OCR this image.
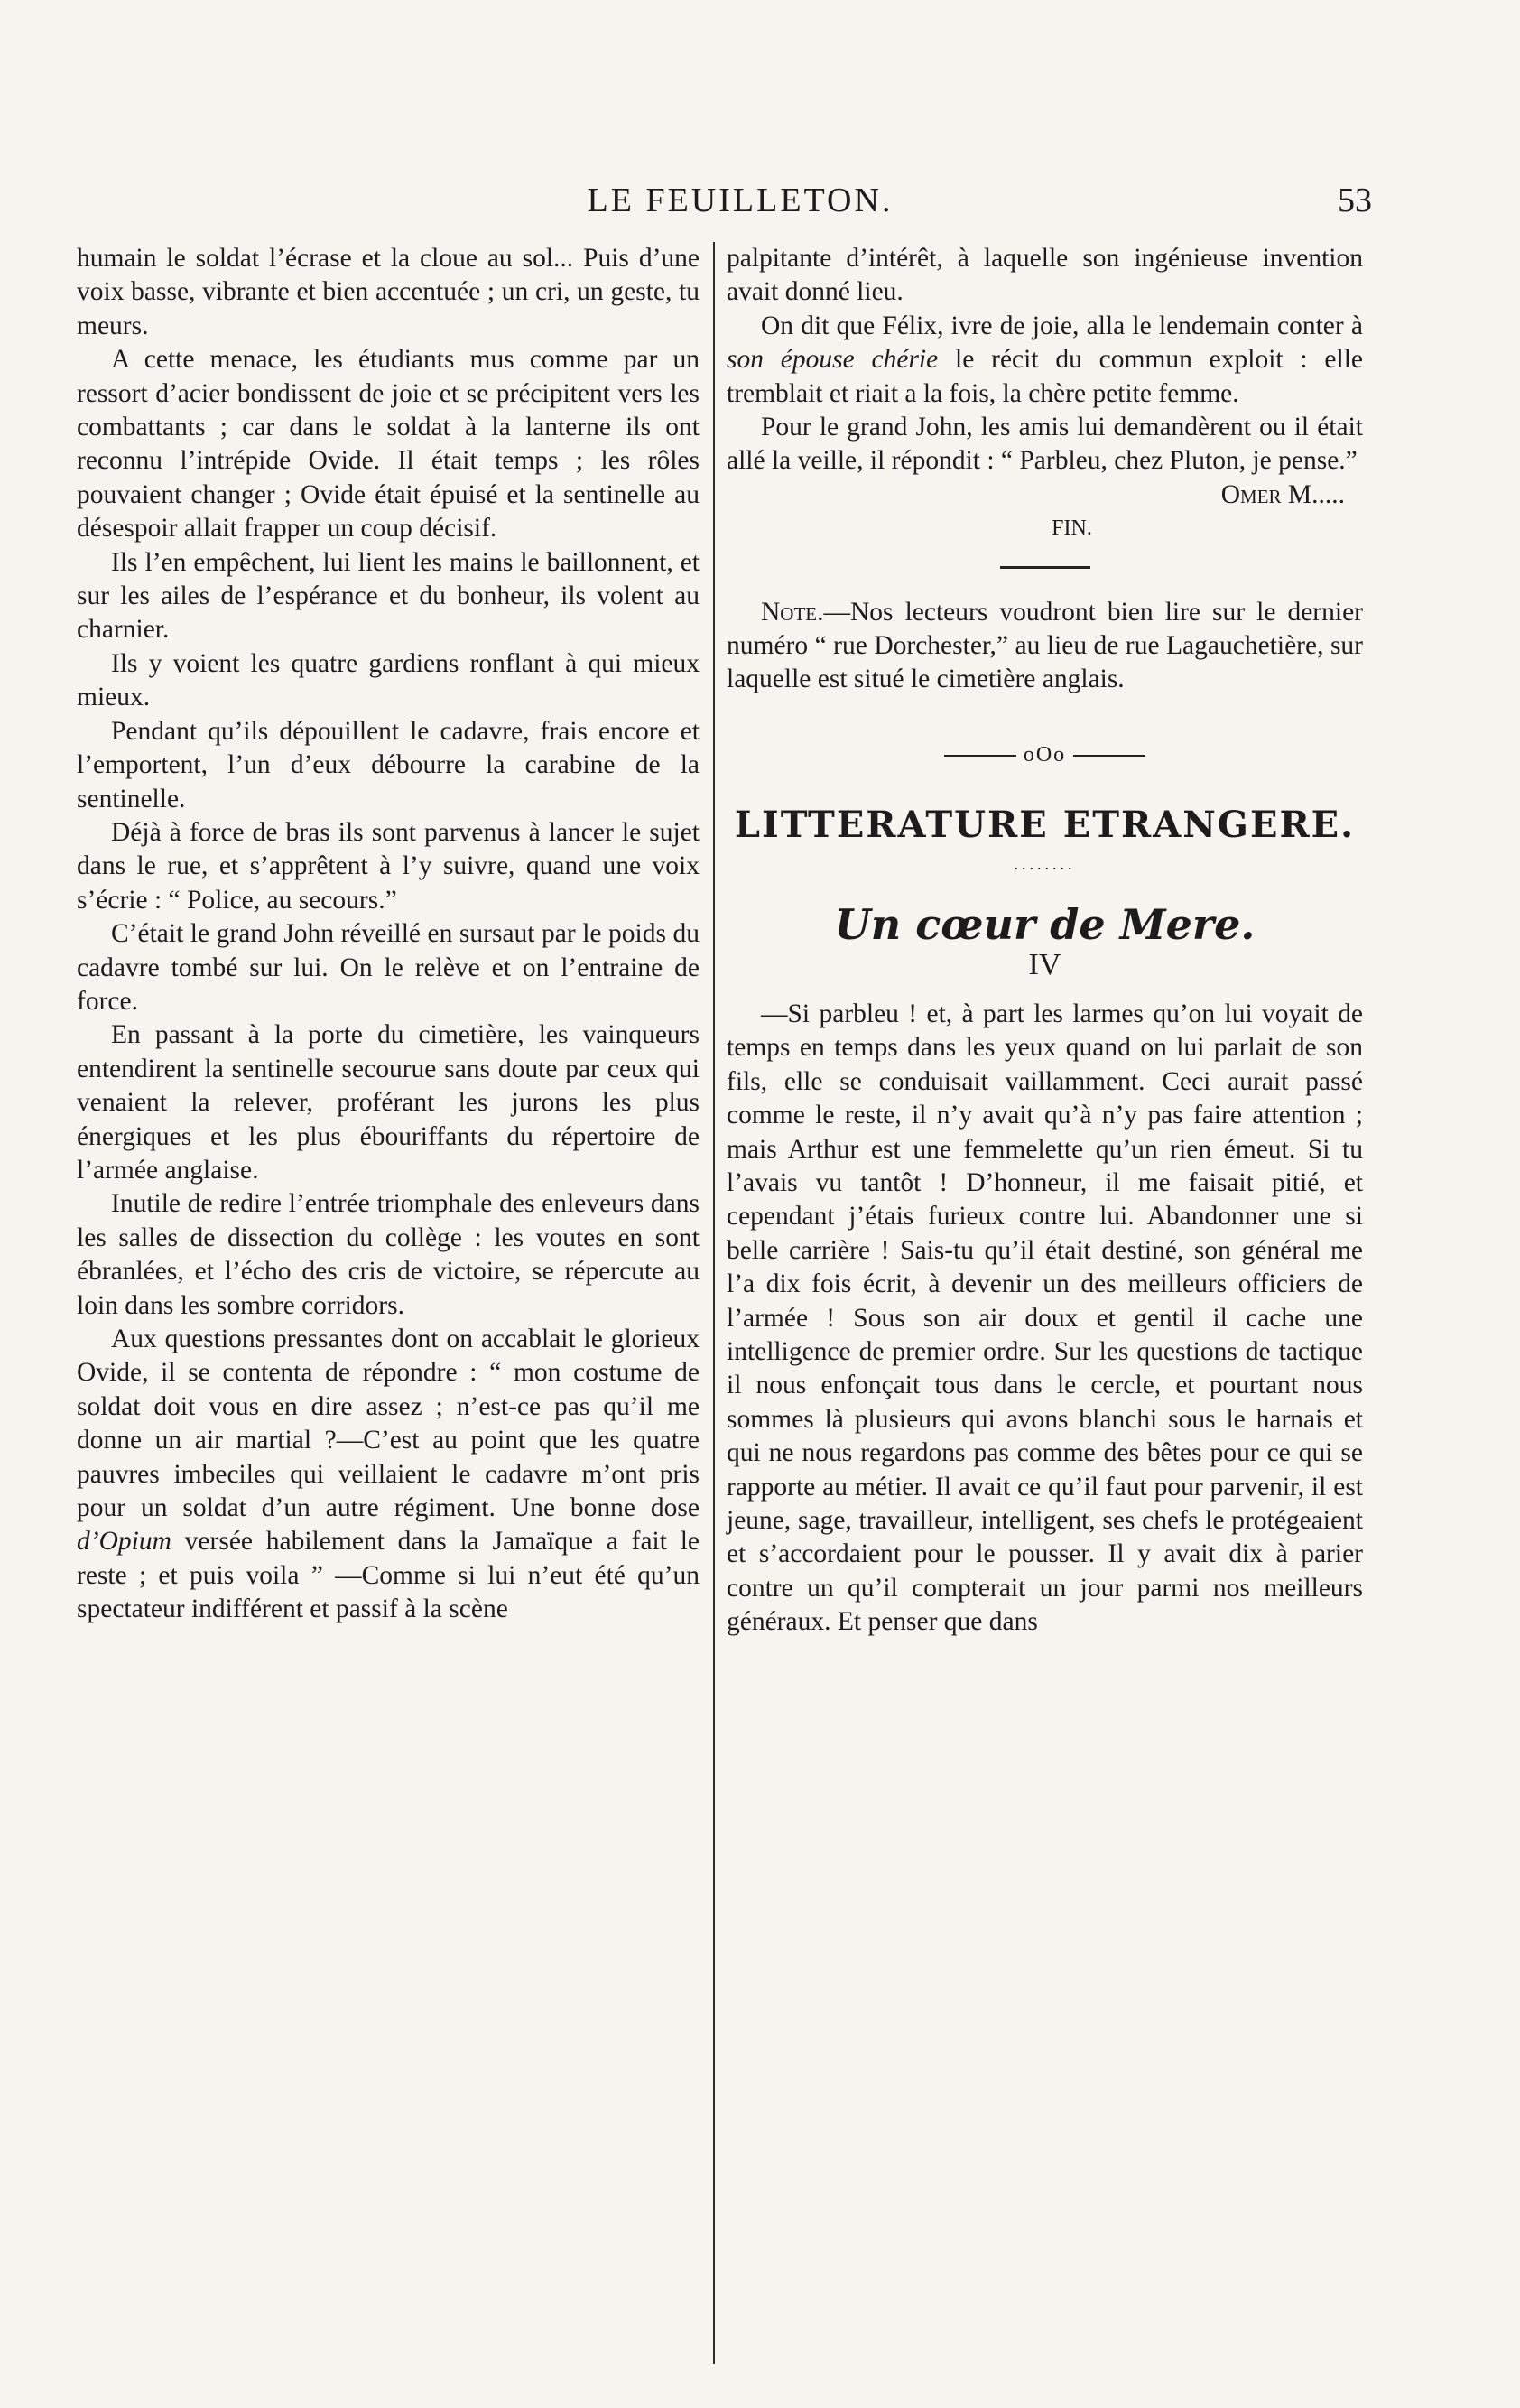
LE FEUILLETON.	53

humain le soldat l’écrase et la cloue au sol... Puis d’une voix basse, vibrante et bien accentuée ; un cri, un geste, tu meurs.

A cette menace, les étudiants mus comme par un ressort d’acier bondissent de joie et se précipitent vers les combattants ; car dans le soldat à la lanterne ils ont reconnu l’intrépide Ovide. Il était temps ; les rôles pouvaient changer ; Ovide était épuisé et la sentinelle au désespoir allait frapper un coup décisif.

Ils l’en empêchent, lui lient les mains le baillonnent, et sur les ailes de l’espérance et du bonheur, ils volent au charnier.

Ils y voient les quatre gardiens ronflant à qui mieux mieux.

Pendant qu’ils dépouillent le cadavre, frais encore et l’emportent, l’un d’eux débourre la carabine de la sentinelle.

Déjà à force de bras ils sont parvenus à lancer le sujet dans le rue, et s’apprêtent à l’y suivre, quand une voix s’écrie : “ Police, au secours.”

C’était le grand John réveillé en sursaut par le poids du cadavre tombé sur lui. On le relève et on l’entraine de force.

En passant à la porte du cimetière, les vainqueurs entendirent la sentinelle secourue sans doute par ceux qui venaient la relever, proférant les jurons les plus énergiques et les plus ébouriffants du répertoire de l’armée anglaise.

Inutile de redire l’entrée triomphale des enleveurs dans les salles de dissection du collège : les voutes en sont ébranlées, et l’écho des cris de victoire, se répercute au loin dans les sombre corridors.

Aux questions pressantes dont on accablait le glorieux Ovide, il se contenta de répondre : “ mon costume de soldat doit vous en dire assez ; n’est-ce pas qu’il me donne un air martial ?—C’est au point que les quatre pauvres imbeciles qui veillaient le cadavre m’ont pris pour un soldat d’un autre régiment. Une bonne dose d’Opium versée habilement dans la Jamaïque a fait le reste ; et puis voila ” —Comme si lui n’eut été qu’un spectateur indifférent et passif à la scène

palpitante d’intérêt, à laquelle son ingénieuse invention avait donné lieu.

On dit que Félix, ivre de joie, alla le lendemain conter à son épouse chérie le récit du commun exploit : elle tremblait et riait a la fois, la chère petite femme.

Pour le grand John, les amis lui demandèrent ou il était allé la veille, il répondit : “ Parbleu, chez Pluton, je pense.”

Omer M.....
FIN.

Note.—Nos lecteurs voudront bien lire sur le dernier numéro “ rue Dorchester,” au lieu de rue Lagauchetière, sur laquelle est situé le cimetière anglais.

oOo
LITTERATURE ETRANGERE.
........
Un cœur de Mere.
IV

—Si parbleu ! et, à part les larmes qu’on lui voyait de temps en temps dans les yeux quand on lui parlait de son fils, elle se conduisait vaillamment. Ceci aurait passé comme le reste, il n’y avait qu’à n’y pas faire attention ; mais Arthur est une femmelette qu’un rien émeut. Si tu l’avais vu tantôt ! D’honneur, il me faisait pitié, et cependant j’étais furieux contre lui. Abandonner une si belle carrière ! Sais-tu qu’il était destiné, son général me l’a dix fois écrit, à devenir un des meilleurs officiers de l’armée ! Sous son air doux et gentil il cache une intelligence de premier ordre. Sur les questions de tactique il nous enfonçait tous dans le cercle, et pourtant nous sommes là plusieurs qui avons blanchi sous le harnais et qui ne nous regardons pas comme des bêtes pour ce qui se rapporte au métier. Il avait ce qu’il faut pour parvenir, il est jeune, sage, travailleur, intelligent, ses chefs le protégeaient et s’accordaient pour le pousser. Il y avait dix à parier contre un qu’il compterait un jour parmi nos meilleurs généraux. Et penser que dans
